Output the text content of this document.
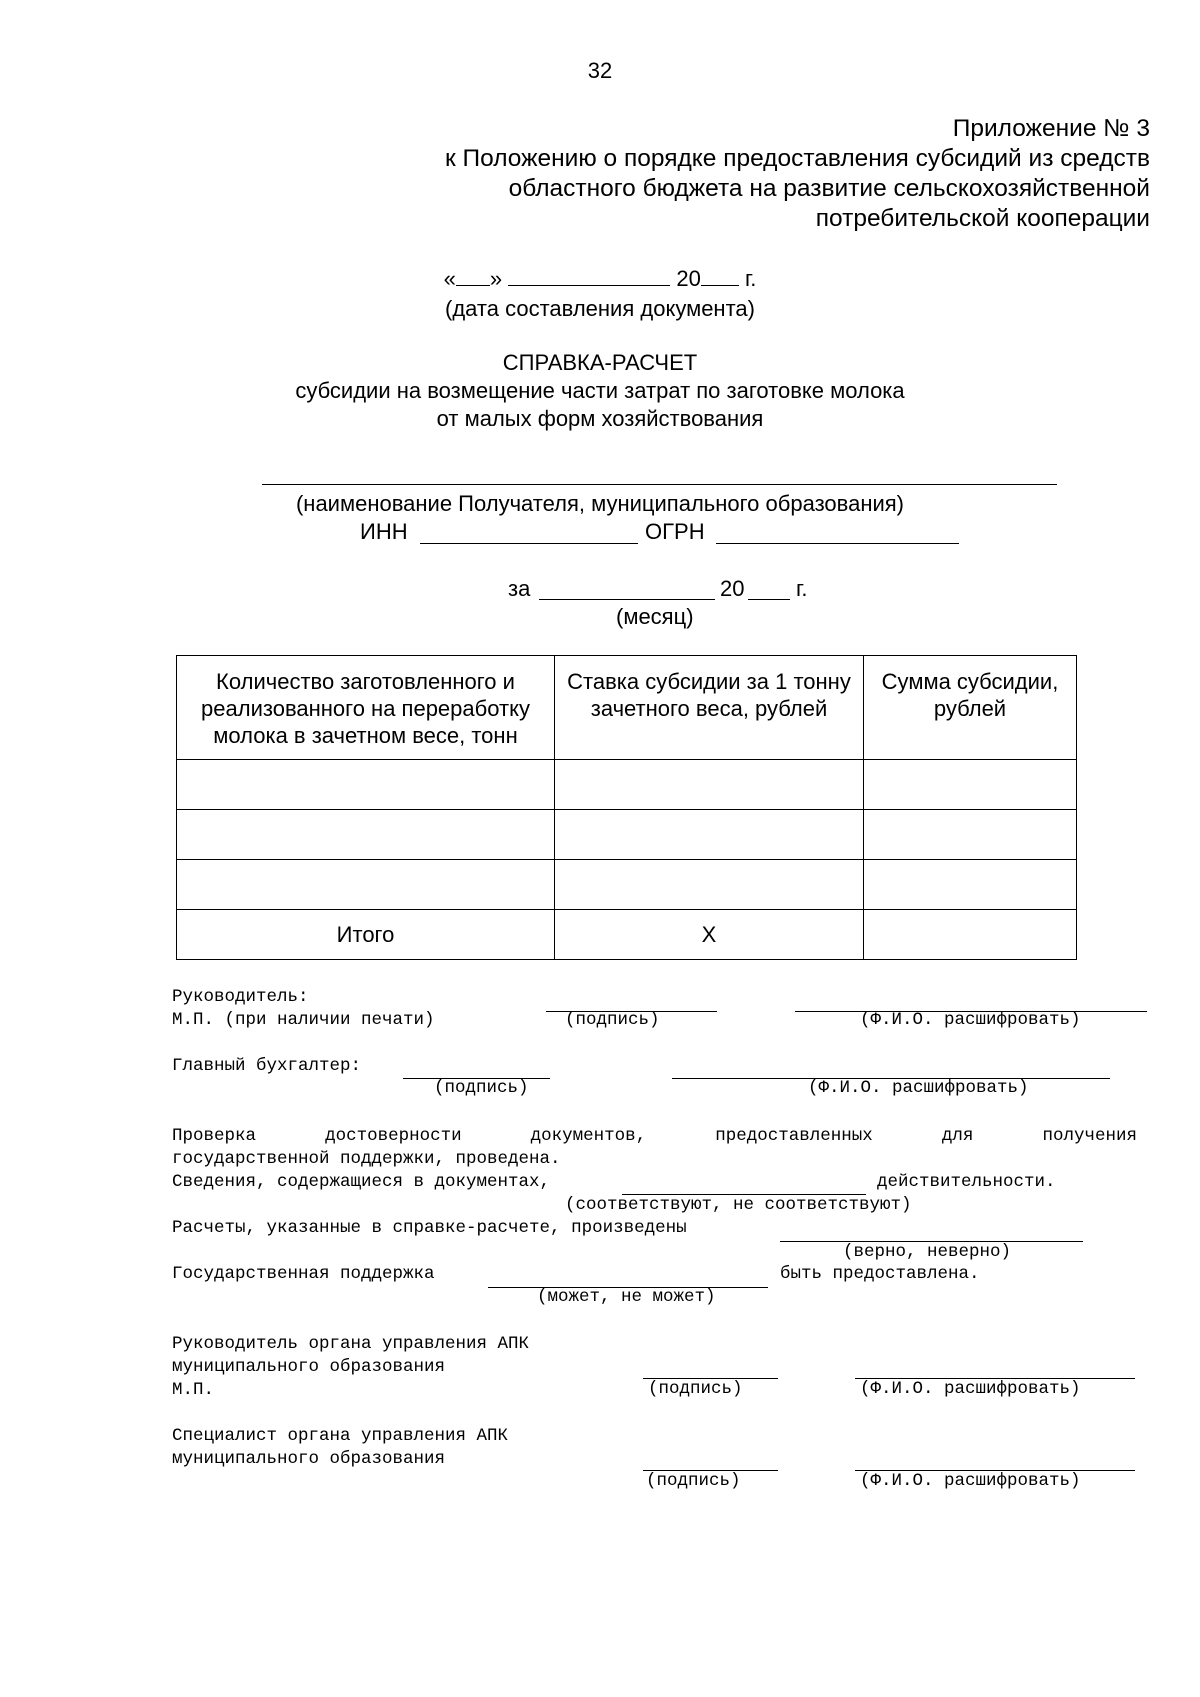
32
Приложение № 3
к Положению о порядке предоставления субсидий из средств
областного бюджета на развитие сельскохозяйственной
потребительской кооперации
« »	20 г.
(дата составления документа)
СПРАВКА-РАСЧЕТ
субсидии на возмещение части затрат по заготовке молока
от малых форм хозяйствования
(наименование Получателя, муниципального образования)
ИНН	ОГРН
за	20 г.
(месяц)
Количество заготовленного и реализованного на переработку молока в зачетном весе, тонн	Ставка субсидии за 1 тонну зачетного веса, рублей	Сумма субсидии, рублей

Итого	Х	
Руководитель:
М.П. (при наличии печати)	(подпись)	(Ф.И.О. расшифровать)
Главный бухгалтер:
(подпись)	(Ф.И.О. расшифровать)
Проверка	достоверности	документов,	предоставленных	для	получения
государственной поддержки, проведена.
Сведения, содержащиеся в документах,	действительности.
(соответствуют, не соответствуют)
Расчеты, указанные в справке-расчете, произведены
(верно, неверно)
Государственная поддержка	быть предоставлена.
(может, не может)
Руководитель органа управления АПК
муниципального образования
М.П.	(подпись)	(Ф.И.О. расшифровать)
Специалист органа управления АПК
муниципального образования
(подпись)	(Ф.И.О. расшифровать)
